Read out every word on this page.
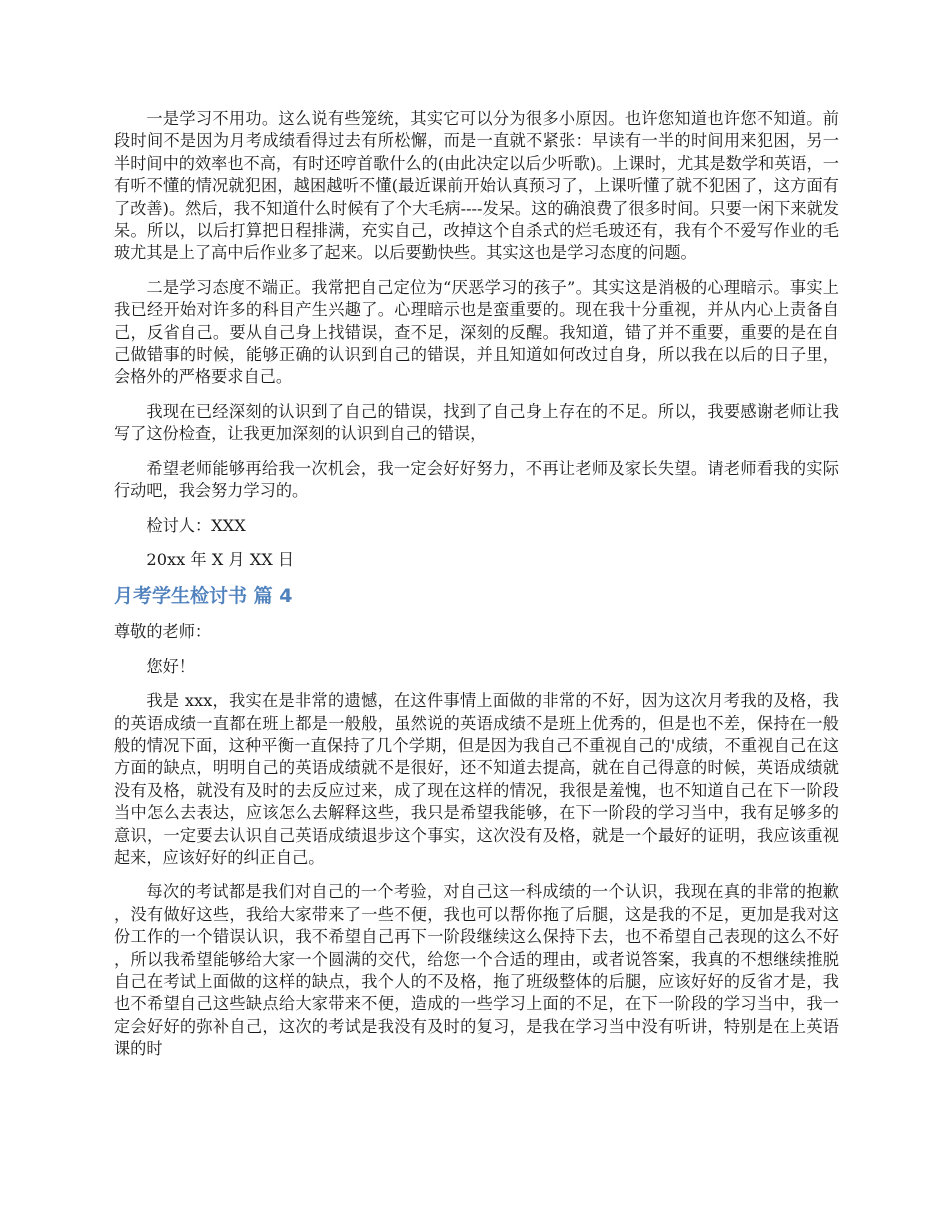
一是学习不用功。这么说有些笼统，其实它可以分为很多小原因。也许您知道也许您不知道。前段时间不是因为月考成绩看得过去有所松懈，而是一直就不紧张：早读有一半的时间用来犯困，另一半时间中的效率也不高，有时还哼首歌什么的(由此决定以后少听歌)。上课时，尤其是数学和英语，一有听不懂的情况就犯困，越困越听不懂(最近课前开始认真预习了，上课听懂了就不犯困了，这方面有了改善)。然后，我不知道什么时候有了个大毛病----发呆。这的确浪费了很多时间。只要一闲下来就发呆。所以，以后打算把日程排满，充实自己，改掉这个自杀式的烂毛玻还有，我有个不爱写作业的毛玻尤其是上了高中后作业多了起来。以后要勤快些。其实这也是学习态度的问题。

二是学习态度不端正。我常把自己定位为“厌恶学习的孩子”。其实这是消极的心理暗示。事实上我已经开始对许多的科目产生兴趣了。心理暗示也是蛮重要的。现在我十分重视，并从内心上责备自己，反省自己。要从自己身上找错误，查不足，深刻的反醒。我知道，错了并不重要，重要的是在自己做错事的时候，能够正确的认识到自己的错误，并且知道如何改过自身，所以我在以后的日子里，会格外的严格要求自己。

我现在已经深刻的认识到了自己的错误，找到了自己身上存在的不足。所以，我要感谢老师让我写了这份检查，让我更加深刻的认识到自己的错误，

希望老师能够再给我一次机会，我一定会好好努力，不再让老师及家长失望。请老师看我的实际行动吧，我会努力学习的。

检讨人：XXX

20xx 年 X 月 XX 日

月考学生检讨书 篇 4

尊敬的老师：

您好！

我是 xxx，我实在是非常的遗憾，在这件事情上面做的非常的不好，因为这次月考我的及格，我的英语成绩一直都在班上都是一般般，虽然说的英语成绩不是班上优秀的，但是也不差，保持在一般般的情况下面，这种平衡一直保持了几个学期，但是因为我自己不重视自己的'成绩，不重视自己在这方面的缺点，明明自己的英语成绩就不是很好，还不知道去提高，就在自己得意的时候，英语成绩就没有及格，就没有及时的去反应过来，成了现在这样的情况，我很是羞愧，也不知道自己在下一阶段当中怎么去表达，应该怎么去解释这些，我只是希望我能够，在下一阶段的学习当中，我有足够多的意识，一定要去认识自己英语成绩退步这个事实，这次没有及格，就是一个最好的证明，我应该重视起来，应该好好的纠正自己。

每次的考试都是我们对自己的一个考验，对自己这一科成绩的一个认识，我现在真的非常的抱歉，没有做好这些，我给大家带来了一些不便，我也可以帮你拖了后腿，这是我的不足，更加是我对这份工作的一个错误认识，我不希望自己再下一阶段继续这么保持下去，也不希望自己表现的这么不好，所以我希望能够给大家一个圆满的交代，给您一个合适的理由，或者说答案，我真的不想继续推脱自己在考试上面做的这样的缺点，我个人的不及格，拖了班级整体的后腿，应该好好的反省才是，我也不希望自己这些缺点给大家带来不便，造成的一些学习上面的不足，在下一阶段的学习当中，我一定会好好的弥补自己，这次的考试是我没有及时的复习，是我在学习当中没有听讲，特别是在上英语课的时
